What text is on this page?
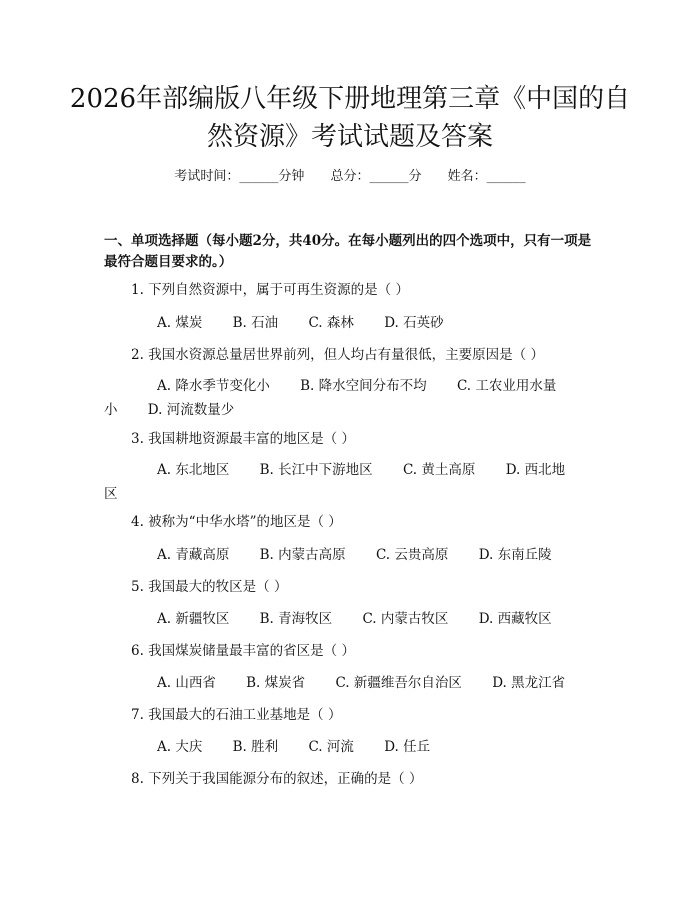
2026年部编版八年级下册地理第三章《中国的自然资源》考试试题及答案
考试时间：______分钟 总分：______分 姓名：______
一、单项选择题（每小题2分，共40分。在每小题列出的四个选项中，只有一项是最符合题目要求的。）
1. 下列自然资源中，属于可再生资源的是（ ）
A. 煤炭 B. 石油 C. 森林 D. 石英砂
2. 我国水资源总量居世界前列，但人均占有量很低，主要原因是（ ）
A. 降水季节变化小 B. 降水空间分布不均 C. 工农业用水量小 D. 河流数量少
3. 我国耕地资源最丰富的地区是（ ）
A. 东北地区 B. 长江中下游地区 C. 黄土高原 D. 西北地区
4. 被称为“中华水塔”的地区是（ ）
A. 青藏高原 B. 内蒙古高原 C. 云贵高原 D. 东南丘陵
5. 我国最大的牧区是（ ）
A. 新疆牧区 B. 青海牧区 C. 内蒙古牧区 D. 西藏牧区
6. 我国煤炭储量最丰富的省区是（ ）
A. 山西省 B. 煤炭省 C. 新疆维吾尔自治区 D. 黑龙江省
7. 我国最大的石油工业基地是（ ）
A. 大庆 B. 胜利 C. 河流 D. 任丘
8. 下列关于我国能源分布的叙述，正确的是（ ）
